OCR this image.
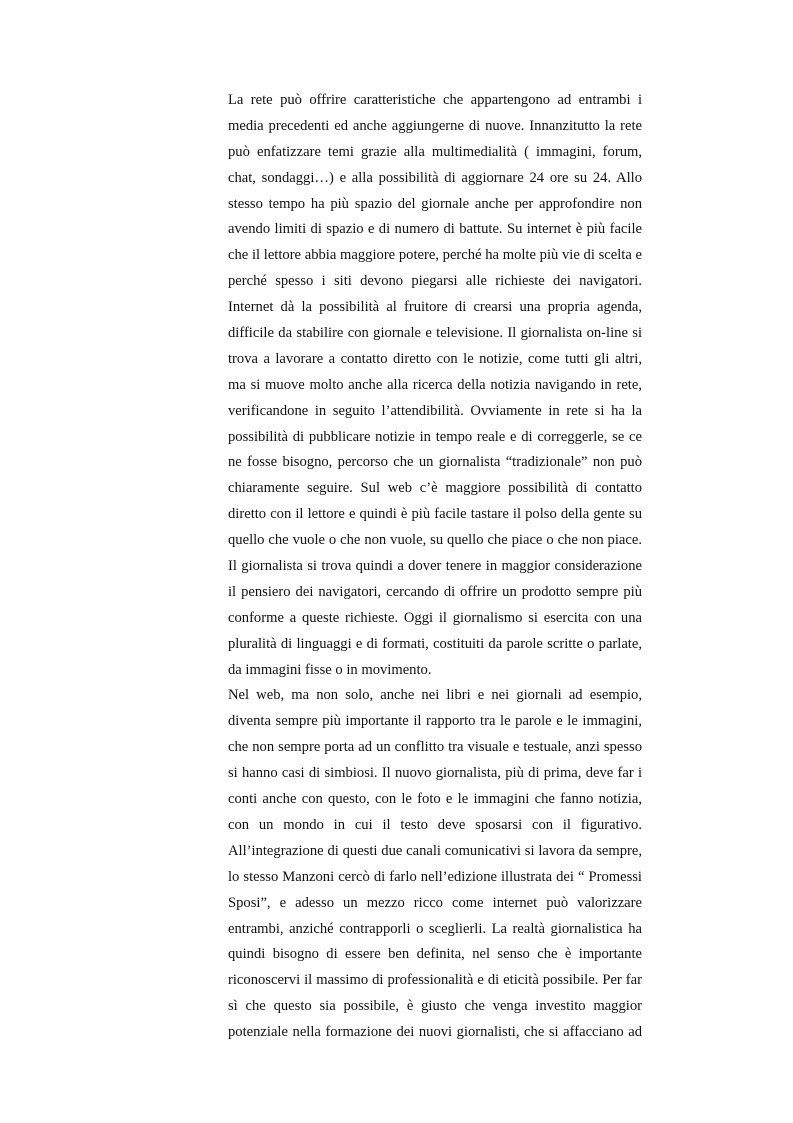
La rete può offrire caratteristiche che appartengono ad entrambi i
media precedenti ed anche aggiungerne di nuove. Innanzitutto la rete
può enfatizzare temi grazie alla multimedialità ( immagini, forum,
chat, sondaggi…) e alla possibilità di aggiornare 24 ore su 24. Allo
stesso tempo ha più spazio del giornale anche per approfondire non
avendo limiti di spazio e di numero di battute. Su internet è più facile
che il lettore abbia maggiore potere, perché ha molte più vie di scelta e
perché spesso i siti devono piegarsi alle richieste dei navigatori.
Internet dà la possibilità al fruitore di crearsi una propria agenda,
difficile da stabilire con giornale e televisione. Il giornalista on-line si
trova a lavorare a contatto diretto con le notizie, come tutti gli altri,
ma si muove molto anche alla ricerca della notizia navigando in rete,
verificandone in seguito l’attendibilità. Ovviamente in rete si ha la
possibilità di pubblicare notizie in tempo reale e di correggerle, se ce
ne fosse bisogno, percorso che un giornalista “tradizionale” non può
chiaramente seguire. Sul web c’è maggiore possibilità di contatto
diretto con il lettore e quindi è più facile tastare il polso della gente su
quello che vuole o che non vuole, su quello che piace o che non piace.
Il giornalista si trova quindi a dover tenere in maggior considerazione
il pensiero dei navigatori, cercando di offrire un prodotto sempre più
conforme a queste richieste. Oggi il giornalismo si esercita con una
pluralità di linguaggi e di formati, costituiti da parole scritte o parlate,
da immagini fisse o in movimento.
Nel web, ma non solo, anche nei libri e nei giornali ad esempio,
diventa sempre più importante il rapporto tra le parole e le immagini,
che non sempre porta ad un conflitto tra visuale e testuale, anzi spesso
si hanno casi di simbiosi. Il nuovo giornalista, più di prima, deve far i
conti anche con questo, con le foto e le immagini che fanno notizia,
con un mondo in cui il testo deve sposarsi con il figurativo.
All’integrazione di questi due canali comunicativi si lavora da sempre,
lo stesso Manzoni cercò di farlo nell’edizione illustrata dei “ Promessi
Sposi”, e adesso un mezzo ricco come internet può valorizzare
entrambi, anziché contrapporli o sceglierli. La realtà giornalistica ha
quindi bisogno di essere ben definita, nel senso che è importante
riconoscervi il massimo di professionalità e di eticità possibile. Per far
sì che questo sia possibile, è giusto che venga investito maggior
potenziale nella formazione dei nuovi giornalisti, che si affacciano ad
